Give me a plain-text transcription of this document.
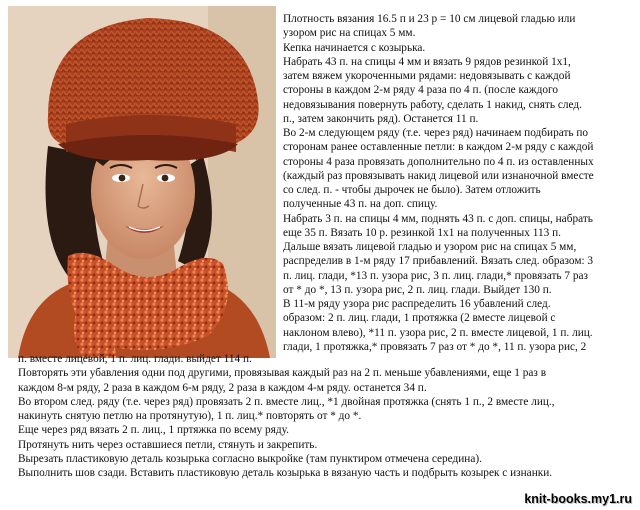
Плотность вязания 16.5 п и 23 р = 10 см лицевой гладью или
узором рис на спицах 5 мм.
Кепка начинается с козырька.
Набрать 43 п. на спицы 4 мм и вязать 9 рядов резинкой 1х1,
затем вяжем укороченными рядами: недовязывать с каждой
стороны в каждом 2-м ряду 4 раза по 4 п. (после каждого
недовязывания повернуть работу, сделать 1 накид, снять след.
п., затем закончить ряд). Останется 11 п.
Во 2-м следующем ряду (т.е. через ряд) начинаем подбирать по
сторонам ранее оставленные петли: в каждом 2-м ряду с каждой
стороны 4 раза провязать дополнительно по 4 п. из оставленных
(каждый раз провязывать накид лицевой или изнаночной вместе
со след. п. - чтобы дырочек не было). Затем отложить
полученные 43 п. на доп. спицу.
Набрать 3 п. на спицы 4 мм, поднять 43 п. с доп. спицы, набрать
еще 35 п. Вязать 10 р. резинкой 1х1 на полученных 113 п.
Дальше вязать лицевой гладью и узором рис на спицах 5 мм,
распределив в 1-м ряду 17 прибавлений. Вязать след. образом: 3
п. лиц. глади, *13 п. узора рис, 3 п. лиц. глади,* провязать 7 раз
от * до *, 13 п. узора рис, 2 п. лиц. глади. Выйдет 130 п.
В 11-м ряду узора рис распределить 16 убавлений след.
образом: 2 п. лиц. глади, 1 протяжка (2 вместе лицевой с
наклоном влево), *11 п. узора рис, 2 п. вместе лицевой, 1 п. лиц.
глади, 1 протяжка,* провязать 7 раз от * до *, 11 п. узора рис, 2
п. вместе лицевой, 1 п. лиц. глади. выйдет 114 п.
Повторять эти убавления одни под другими, провязывая каждый раз на 2 п. меньше убавлениями, еще 1 раз в
каждом 8-м ряду, 2 раза в каждом 6-м ряду, 2 раза в каждом 4-м ряду. останется 34 п.
Во втором след. ряду (т.е. через ряд) провязать 2 п. вместе лиц., *1 двойная протяжка (снять 1 п., 2 вместе лиц.,
накинуть снятую петлю на протянутую), 1 п. лиц.* повторять от * до *.
Еще через ряд вязать 2 п. лиц., 1 пртяжка по всему ряду.
Протянуть нить через оставшиеся петли, стянуть и закрепить.
Вырезать пластиковую деталь козырька согласно выкройке (там пунктиром отмечена середина).
Выполнить шов сзади. Вставить пластиковую деталь козырька в вязаную часть и подбрыть козырек с изнанки.
knit-books.my1.ru
